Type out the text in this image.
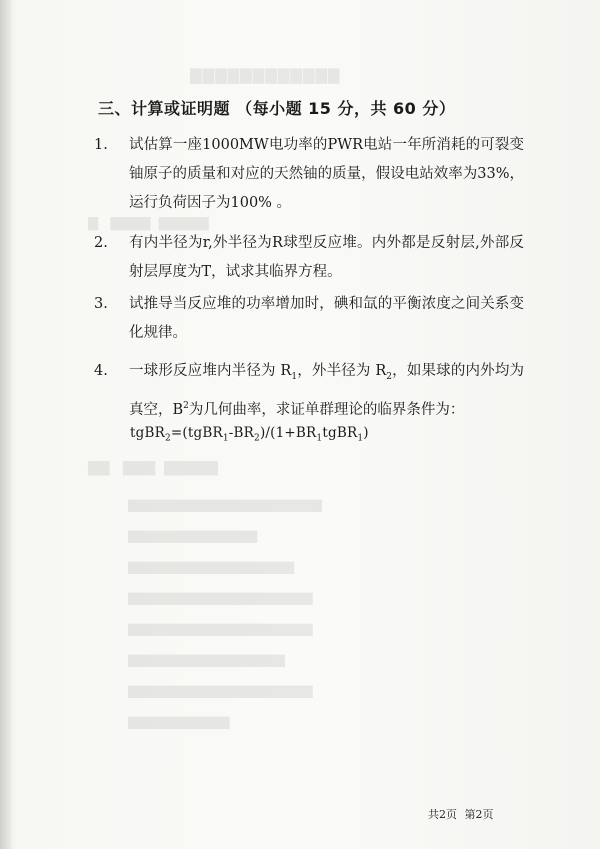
▇▇▇▇▇▇▇▇▇▇▇▇
▇   ▇▇▇▇  ▇▇▇▇▇
▇▇   ▇▇▇  ▇▇▇▇▇
▇▇▇▇▇▇▇▇▇▇▇▇▇▇▇▇▇▇▇▇▇
▇▇▇▇▇▇▇▇▇▇▇▇▇▇
▇▇▇▇▇▇▇▇▇▇▇▇▇▇▇▇▇▇
▇▇▇▇▇▇▇▇▇▇▇▇▇▇▇▇▇▇▇▇
▇▇▇▇▇▇▇▇▇▇▇▇▇▇▇▇▇▇▇▇
▇▇▇▇▇▇▇▇▇▇▇▇▇▇▇▇▇
▇▇▇▇▇▇▇▇▇▇▇▇▇▇▇▇▇▇▇▇
▇▇▇▇▇▇▇▇▇▇▇
三、计算或证明题 （每小题 15 分，共 60 分）
1.	试估算一座1000MW电功率的PWR电站一年所消耗的可裂变铀原子的质量和对应的天然铀的质量，假设电站效率为33%，运行负荷因子为100% 。
2.	有内半径为r,外半径为R球型反应堆。内外都是反射层,外部反射层厚度为T，试求其临界方程。
3.	试推导当反应堆的功率增加时，碘和氙的平衡浓度之间关系变化规律。
4.	一球形反应堆内半径为 $R_1$，外半径为 $R_2$，如果球的内外均为真空，$B^2$为几何曲率，求证单群理论的临界条件为：
$tgBR_2=(tgBR_1-BR_2)/(1+BR_1tgBR_1)$
共2页 第2页
